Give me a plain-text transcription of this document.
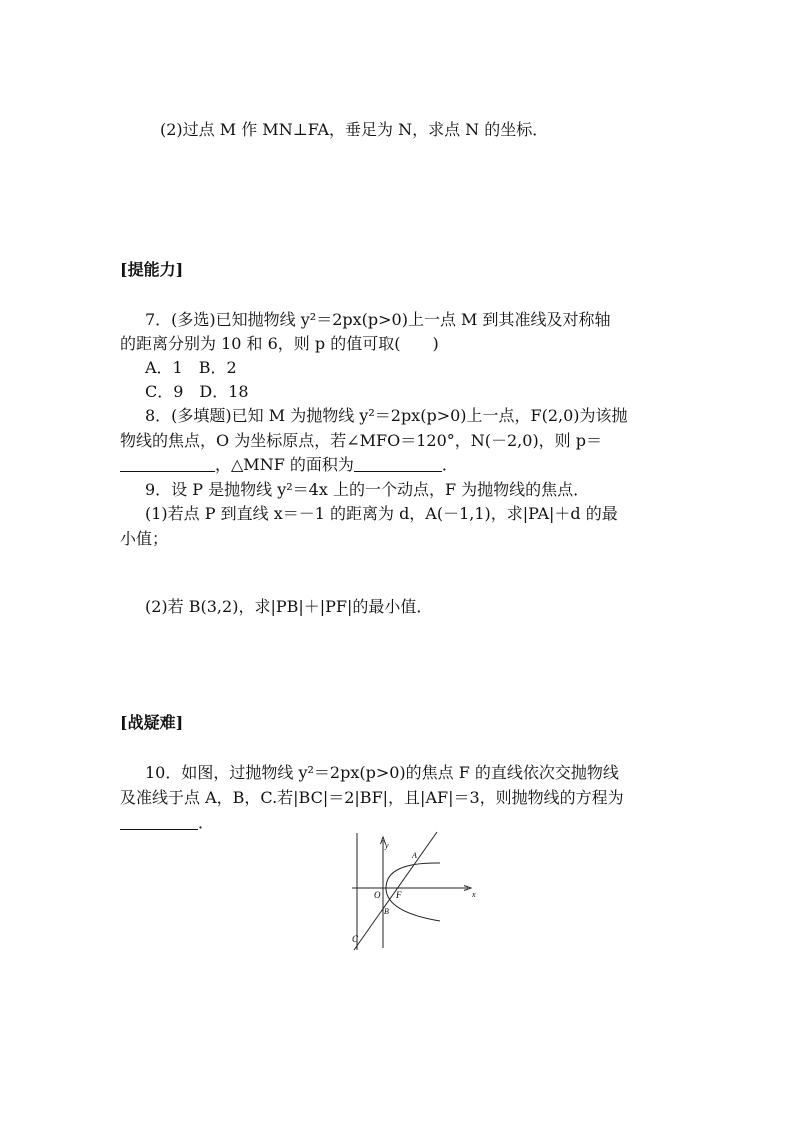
(2)过点 M 作 MN⊥FA，垂足为 N，求点 N 的坐标．
[提能力]
7．(多选)已知抛物线 y²＝2px(p>0)上一点 M 到其准线及对称轴
的距离分别为 10 和 6，则 p 的值可取(　　)
A．1　B．2
C．9　D．18
8．(多填题)已知 M 为抛物线 y²＝2px(p>0)上一点，F(2,0)为该抛
物线的焦点，O 为坐标原点，若∠MFO＝120°，N(－2,0)，则 p＝
，△MNF 的面积为	．
9．设 P 是抛物线 y²＝4x 上的一个动点，F 为抛物线的焦点．
(1)若点 P 到直线 x＝－1 的距离为 d，A(－1,1)，求|PA|＋d 的最
小值；
(2)若 B(3,2)，求|PB|＋|PF|的最小值．
[战疑难]
10．如图，过抛物线 y²＝2px(p>0)的焦点 F 的直线依次交抛物线
及准线于点 A，B，C.若|BC|＝2|BF|，且|AF|＝3，则抛物线的方程为
．
y
x
O F
A
B
C
